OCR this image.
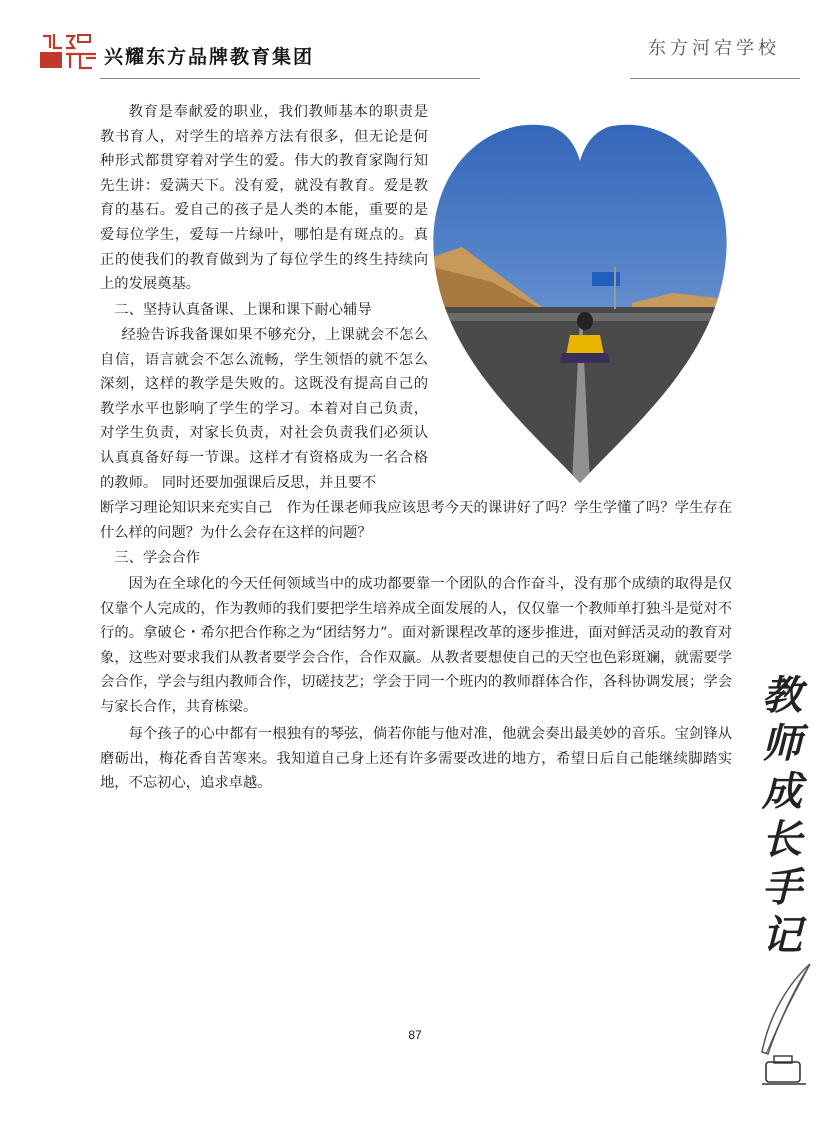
兴耀东方品牌教育集团	东方河宕学校

教育是奉献爱的职业，我们教师基本的职责是教书育人，对学生的培养方法有很多，但无论是何种形式都贯穿着对学生的爱。伟大的教育家陶行知先生讲：爱满天下。没有爱，就没有教育。爱是教育的基石。爱自己的孩子是人类的本能，重要的是爱每位学生，爱每一片绿叶，哪怕是有斑点的。真正的使我们的教育做到为了每位学生的终生持续向上的发展奠基。

二、坚持认真备课、上课和课下耐心辅导

经验告诉我备课如果不够充分，上课就会不怎么自信，语言就会不怎么流畅，学生领悟的就不怎么深刻，这样的教学是失败的。这既没有提高自己的教学水平也影响了学生的学习。本着对自己负责，对学生负责，对家长负责，对社会负责我们必须认认真真备好每一节课。这样才有资格成为一名合格的教师。 同时还要加强课后反思，并且要不

断学习理论知识来充实自己　作为任课老师我应该思考今天的课讲好了吗？学生学懂了吗？学生存在什么样的问题？为什么会存在这样的问题？

三、学会合作

因为在全球化的今天任何领域当中的成功都要靠一个团队的合作奋斗，没有那个成绩的取得是仅仅靠个人完成的，作为教师的我们要把学生培养成全面发展的人，仅仅靠一个教师单打独斗是觉对不行的。拿破仑・希尔把合作称之为“团结努力”。面对新课程改革的逐步推进，面对鲜活灵动的教育对象，这些对要求我们从教者要学会合作，合作双赢。从教者要想使自己的天空也色彩斑斓，就需要学会合作，学会与组内教师合作，切磋技艺；学会于同一个班内的教师群体合作，各科协调发展；学会与家长合作，共育栋梁。

每个孩子的心中都有一根独有的琴弦，倘若你能与他对准，他就会奏出最美妙的音乐。宝剑锋从磨砺出，梅花香自苦寒来。我知道自己身上还有许多需要改进的地方，希望日后自己能继续脚踏实地，不忘初心，追求卓越。

教
师
成
长
手
记
87
